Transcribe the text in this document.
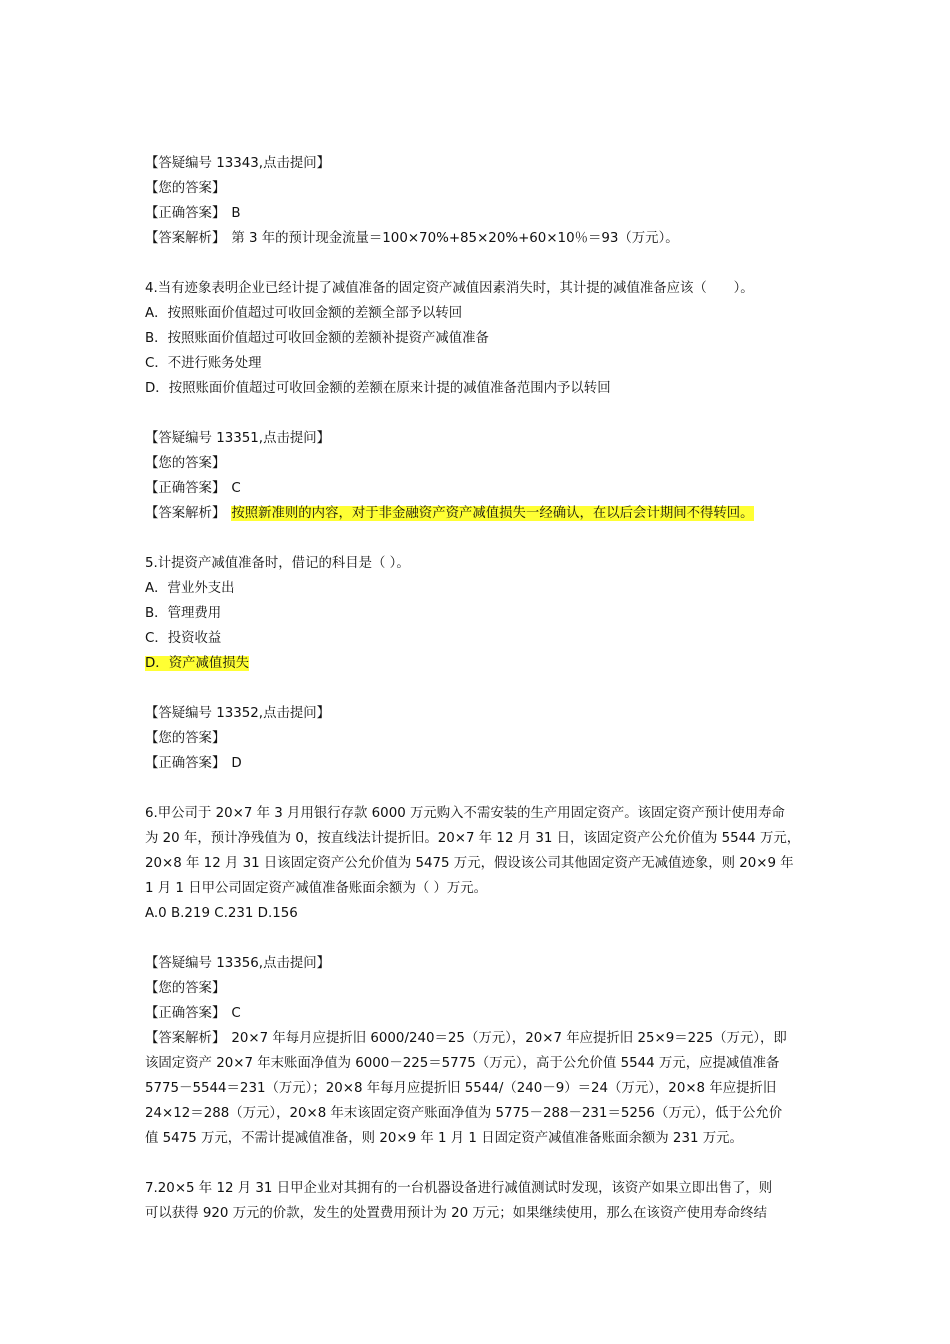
【答疑编号 13343,点击提问】
【您的答案】
【正确答案】 B
【答案解析】 第 3 年的预计现金流量＝100×70%+85×20%+60×10％＝93（万元）。
4.当有迹象表明企业已经计提了减值准备的固定资产减值因素消失时，其计提的减值准备应该（　　）。
A．按照账面价值超过可收回金额的差额全部予以转回
B．按照账面价值超过可收回金额的差额补提资产减值准备
C．不进行账务处理
D．按照账面价值超过可收回金额的差额在原来计提的减值准备范围内予以转回
【答疑编号 13351,点击提问】
【您的答案】
【正确答案】 C
【答案解析】 按照新准则的内容，对于非金融资产资产减值损失一经确认，在以后会计期间不得转回。
5.计提资产减值准备时，借记的科目是（ ）。
A．营业外支出
B．管理费用
C．投资收益
D．资产减值损失
【答疑编号 13352,点击提问】
【您的答案】
【正确答案】 D
6.甲公司于 20×7 年 3 月用银行存款 6000 万元购入不需安装的生产用固定资产。该固定资产预计使用寿命
为 20 年，预计净残值为 0，按直线法计提折旧。20×7 年 12 月 31 日，该固定资产公允价值为 5544 万元，
20×8 年 12 月 31 日该固定资产公允价值为 5475 万元，假设该公司其他固定资产无减值迹象，则 20×9 年
1 月 1 日甲公司固定资产减值准备账面余额为（ ）万元。
A.0 B.219 C.231 D.156
【答疑编号 13356,点击提问】
【您的答案】
【正确答案】 C
【答案解析】 20×7 年每月应提折旧 6000/240＝25（万元），20×7 年应提折旧 25×9＝225（万元），即
该固定资产 20×7 年末账面净值为 6000－225＝5775（万元），高于公允价值 5544 万元，应提减值准备
5775－5544＝231（万元）；20×8 年每月应提折旧 5544/（240－9）＝24（万元），20×8 年应提折旧
24×12＝288（万元），20×8 年末该固定资产账面净值为 5775－288－231＝5256（万元），低于公允价
值 5475 万元，不需计提减值准备，则 20×9 年 1 月 1 日固定资产减值准备账面余额为 231 万元。
7.20×5 年 12 月 31 日甲企业对其拥有的一台机器设备进行减值测试时发现，该资产如果立即出售了，则
可以获得 920 万元的价款，发生的处置费用预计为 20 万元；如果继续使用，那么在该资产使用寿命终结
